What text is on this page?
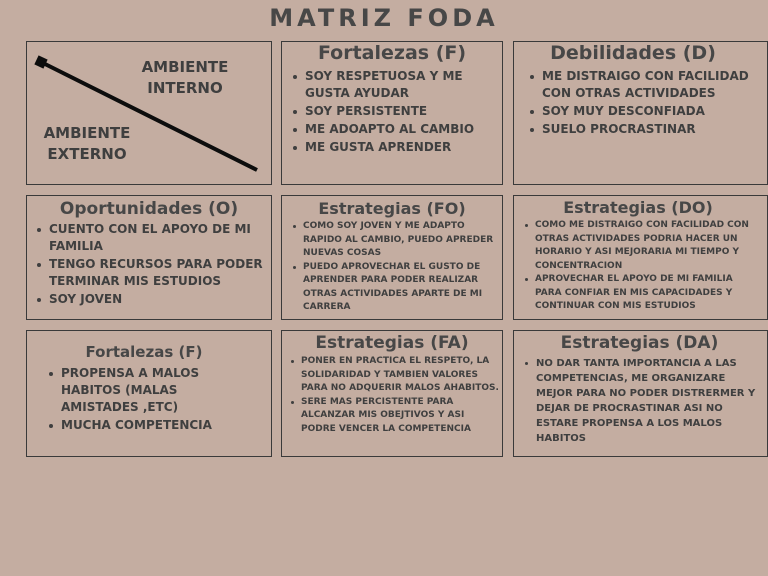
MATRIZ FODA
AMBIENTE
INTERNO
AMBIENTE
EXTERNO
Fortalezas (F)
SOY RESPETUOSA Y ME GUSTA AYUDAR
SOY PERSISTENTE
ME ADOAPTO AL CAMBIO
ME GUSTA APRENDER
Debilidades (D)
ME DISTRAIGO CON FACILIDAD CON OTRAS ACTIVIDADES
SOY MUY DESCONFIADA
SUELO PROCRASTINAR
Oportunidades (O)
CUENTO CON EL APOYO DE MI FAMILIA
TENGO RECURSOS PARA PODER TERMINAR MIS ESTUDIOS
SOY JOVEN
Estrategias (FO)
COMO SOY JOVEN Y ME ADAPTO RAPIDO AL CAMBIO, PUEDO APREDER NUEVAS COSAS
PUEDO APROVECHAR EL GUSTO DE APRENDER PARA PODER REALIZAR OTRAS ACTIVIDADES APARTE DE MI CARRERA
Estrategias (DO)
COMO ME DISTRAIGO CON FACILIDAD CON OTRAS ACTIVIDADES PODRIA HACER UN HORARIO Y ASI MEJORARIA MI TIEMPO Y CONCENTRACION
APROVECHAR EL APOYO DE MI FAMILIA PARA CONFIAR EN MIS CAPACIDADES Y CONTINUAR CON MIS ESTUDIOS
Fortalezas (F)
PROPENSA A MALOS HABITOS (MALAS AMISTADES ,ETC)
MUCHA COMPETENCIA
Estrategias (FA)
PONER EN PRACTICA EL RESPETO, LA SOLIDARIDAD Y TAMBIEN VALORES PARA NO ADQUERIR MALOS AHABITOS.
SERE MAS PERCISTENTE PARA ALCANZAR MIS OBEJTIVOS Y ASI PODRE VENCER LA COMPETENCIA
Estrategias (DA)
NO DAR TANTA IMPORTANCIA A LAS COMPETENCIAS, ME ORGANIZARE MEJOR PARA NO PODER DISTRERMER Y DEJAR DE PROCRASTINAR ASI NO ESTARE PROPENSA A LOS MALOS HABITOS
